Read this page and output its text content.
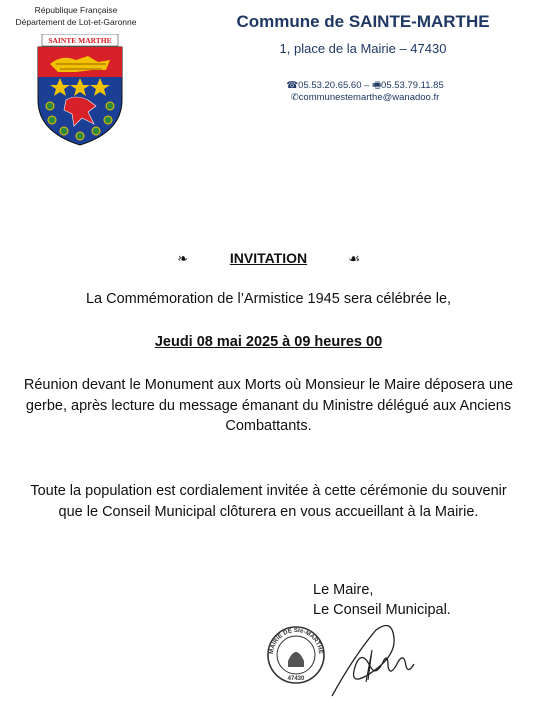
République Française
Département de Lot-et-Garonne
SAINTE MARTHE
Commune de SAINTE-MARTHE
1, place de la Mairie – 47430
☎05.53.20.65.60 – 🖷05.53.79.11.85
✆communestemarthe@wanadoo.fr
❧	INVITATION	☙
La Commémoration de l’Armistice 1945 sera célébrée le,
Jeudi 08 mai 2025 à 09 heures 00
Réunion devant le Monument aux Morts où Monsieur le Maire déposera une gerbe, après lecture du message émanant du Ministre délégué aux Anciens Combattants.
Toute la population est cordialement invitée à cette cérémonie du souvenir que le Conseil Municipal clôturera en vous accueillant à la Mairie.
Le Maire,
Le Conseil Municipal.
MAIRIE DE Ste-MARTHE
47430
